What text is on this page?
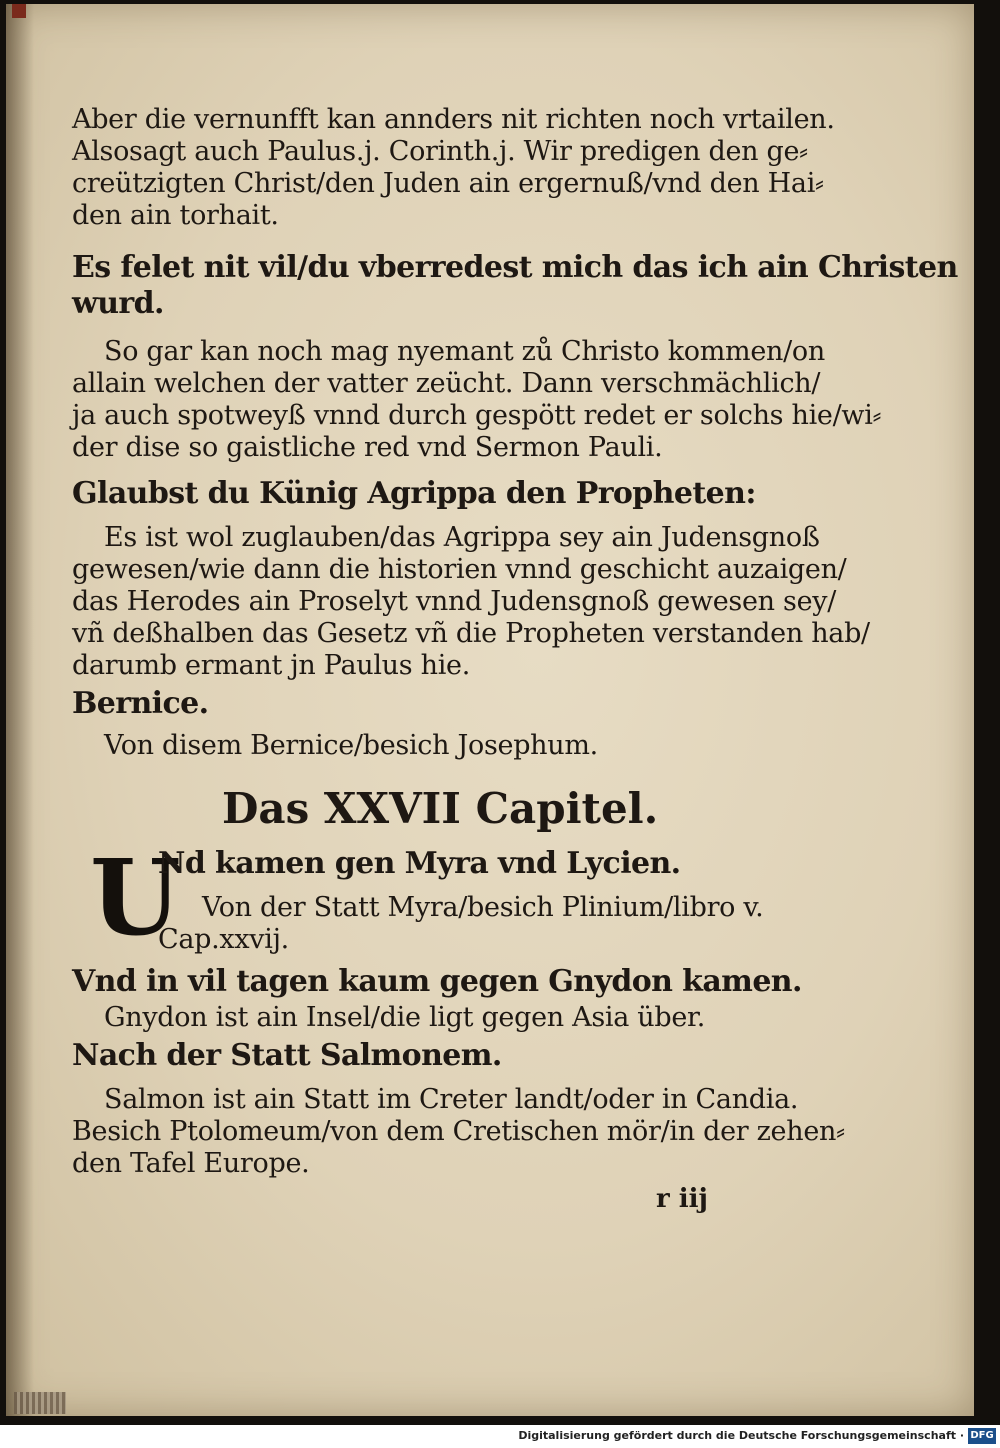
Aber die vernunfft kan annders nit richten noch vrtailen.
Alsosagt auch Paulus.j. Corinth.j. Wir predigen den ge⸗
creützigten Christ/den Juden ain ergernuß/vnd den Hai⸗
den ain torhait.
Es felet nit vil/du vberredest mich das ich ain Christen
wurd.
So gar kan noch mag nyemant zů Christo kommen/on
allain welchen der vatter zeücht. Dann verschmächlich/
ja auch spotweyß vnnd durch gespött redet er solchs hie/wi⸗
der dise so gaistliche red vnd Sermon Pauli.
Glaubst du Künig Agrippa den Propheten:
Es ist wol zuglauben/das Agrippa sey ain Judensgnoß
gewesen/wie dann die historien vnnd geschicht auzaigen/
das Herodes ain Proselyt vnnd Judensgnoß gewesen sey/
vñ deßhalben das Gesetz vñ die Propheten verstanden hab/
darumb ermant jn Paulus hie.
Bernice.
Von disem Bernice/besich Josephum.
Das XXVII Capitel.
U
Nd kamen gen Myra vnd Lycien.
Von der Statt Myra/besich Plinium/libro v.
Cap.xxvij.
Vnd in vil tagen kaum gegen Gnydon kamen.
Gnydon ist ain Insel/die ligt gegen Asia über.
Nach der Statt Salmonem.
Salmon ist ain Statt im Creter landt/oder in Candia.
Besich Ptolomeum/von dem Cretischen mör/in der zehen⸗
den Tafel Europe.
r iij
Digitalisierung gefördert durch die Deutsche Forschungsgemeinschaft · DFG
